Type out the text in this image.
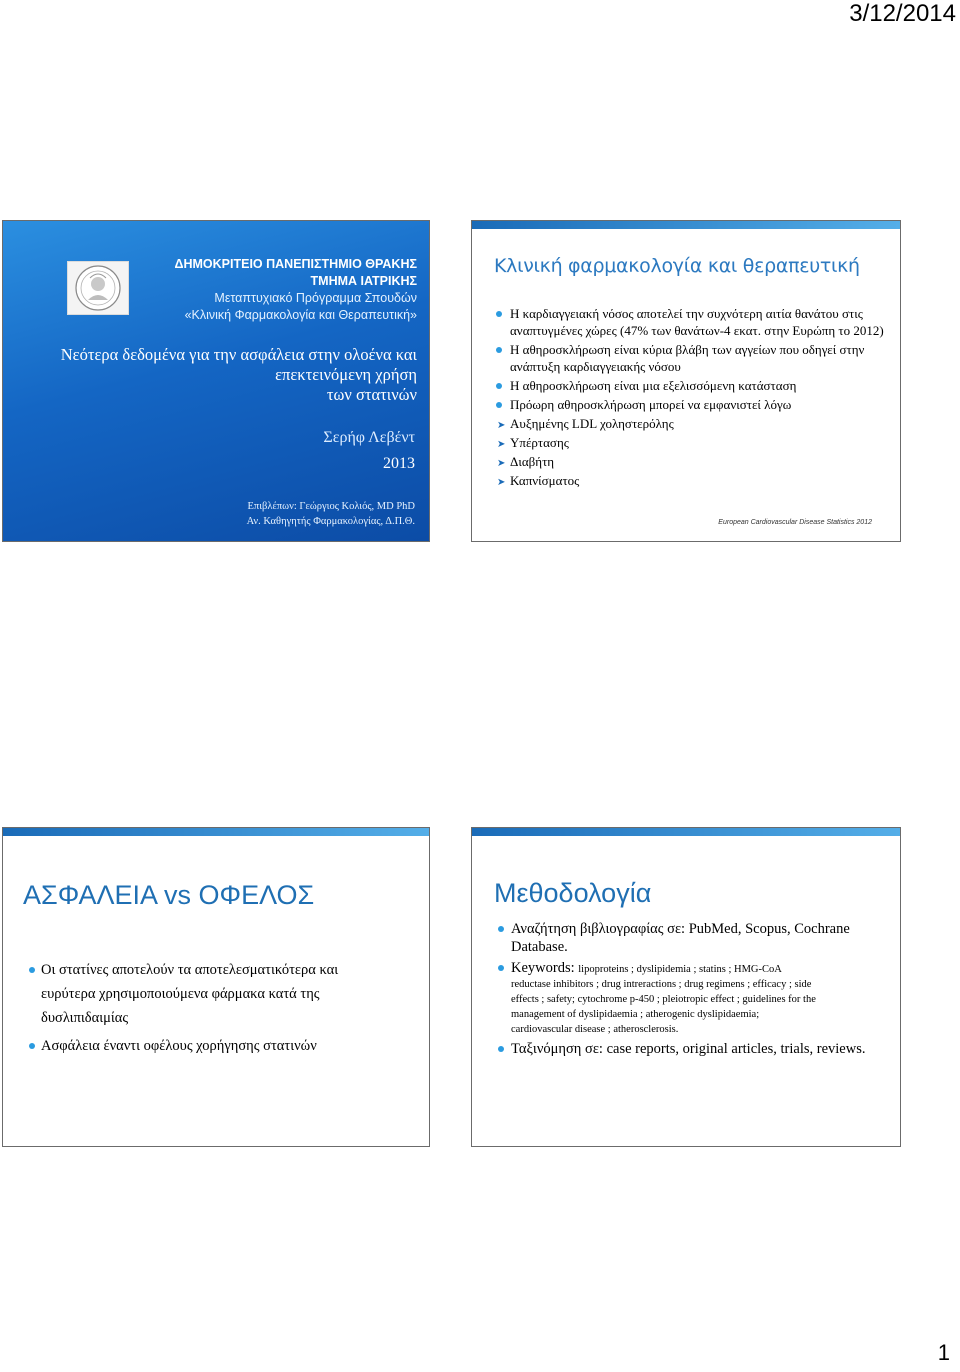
3/12/2014
ΔΗΜΟΚΡΙΤΕΙΟ ΠΑΝΕΠΙΣΤΗΜΙΟ ΘΡΑΚΗΣ
ΤΜΗΜΑ ΙΑΤΡΙΚΗΣ
Μεταπτυχιακό Πρόγραμμα Σπουδών
«Κλινική Φαρμακολογία και Θεραπευτική»
Νεότερα δεδομένα για την ασφάλεια στην ολοένα και
επεκτεινόμενη χρήση
των στατινών
Σερήφ Λεβέντ
2013
Επιβλέπων: Γεώργιος Κολιός, MD PhD
Αν. Καθηγητής Φαρμακολογίας, Δ.Π.Θ.
Κλινική φαρμακολογία και θεραπευτική
Η καρδιαγγειακή νόσος αποτελεί την συχνότερη αιτία θανάτου στις αναπτυγμένες χώρες (47% των θανάτων-4 εκατ. στην Ευρώπη το 2012)
Η αθηροσκλήρωση είναι κύρια βλάβη των αγγείων που οδηγεί στην ανάπτυξη καρδιαγγειακής νόσου
Η αθηροσκλήρωση είναι μια εξελισσόμενη κατάσταση
Πρόωρη αθηροσκλήρωση μπορεί να εμφανιστεί λόγω
➤ Αυξημένης LDL χοληστερόλης
➤ Υπέρτασης
➤ Διαβήτη
➤ Καπνίσματος
European Cardiovascular Disease Statistics 2012
ΑΣΦΑΛΕΙΑ vs ΟΦΕΛΟΣ
Οι στατίνες αποτελούν τα αποτελεσματικότερα και ευρύτερα χρησιμοποιούμενα φάρμακα κατά της δυσλιπιδαιμίας
Ασφάλεια έναντι οφέλους χορήγησης στατινών
Μεθοδολογία
Αναζήτηση βιβλιογραφίας σε: PubMed, Scopus, Cochrane Database.
Keywords: lipoproteins ; dyslipidemia ; statins ; HMG-CoA
reductase inhibitors ; drug intreractions ; drug regimens ; efficacy ; side
effects ; safety; cytochrome p-450 ; pleiotropic effect ; guidelines for the
management of dyslipidaemia ; atherogenic dyslipidaemia;
cardiovascular disease ; atherosclerosis.
Ταξινόμηση σε: case reports, original articles, trials, reviews.
1
